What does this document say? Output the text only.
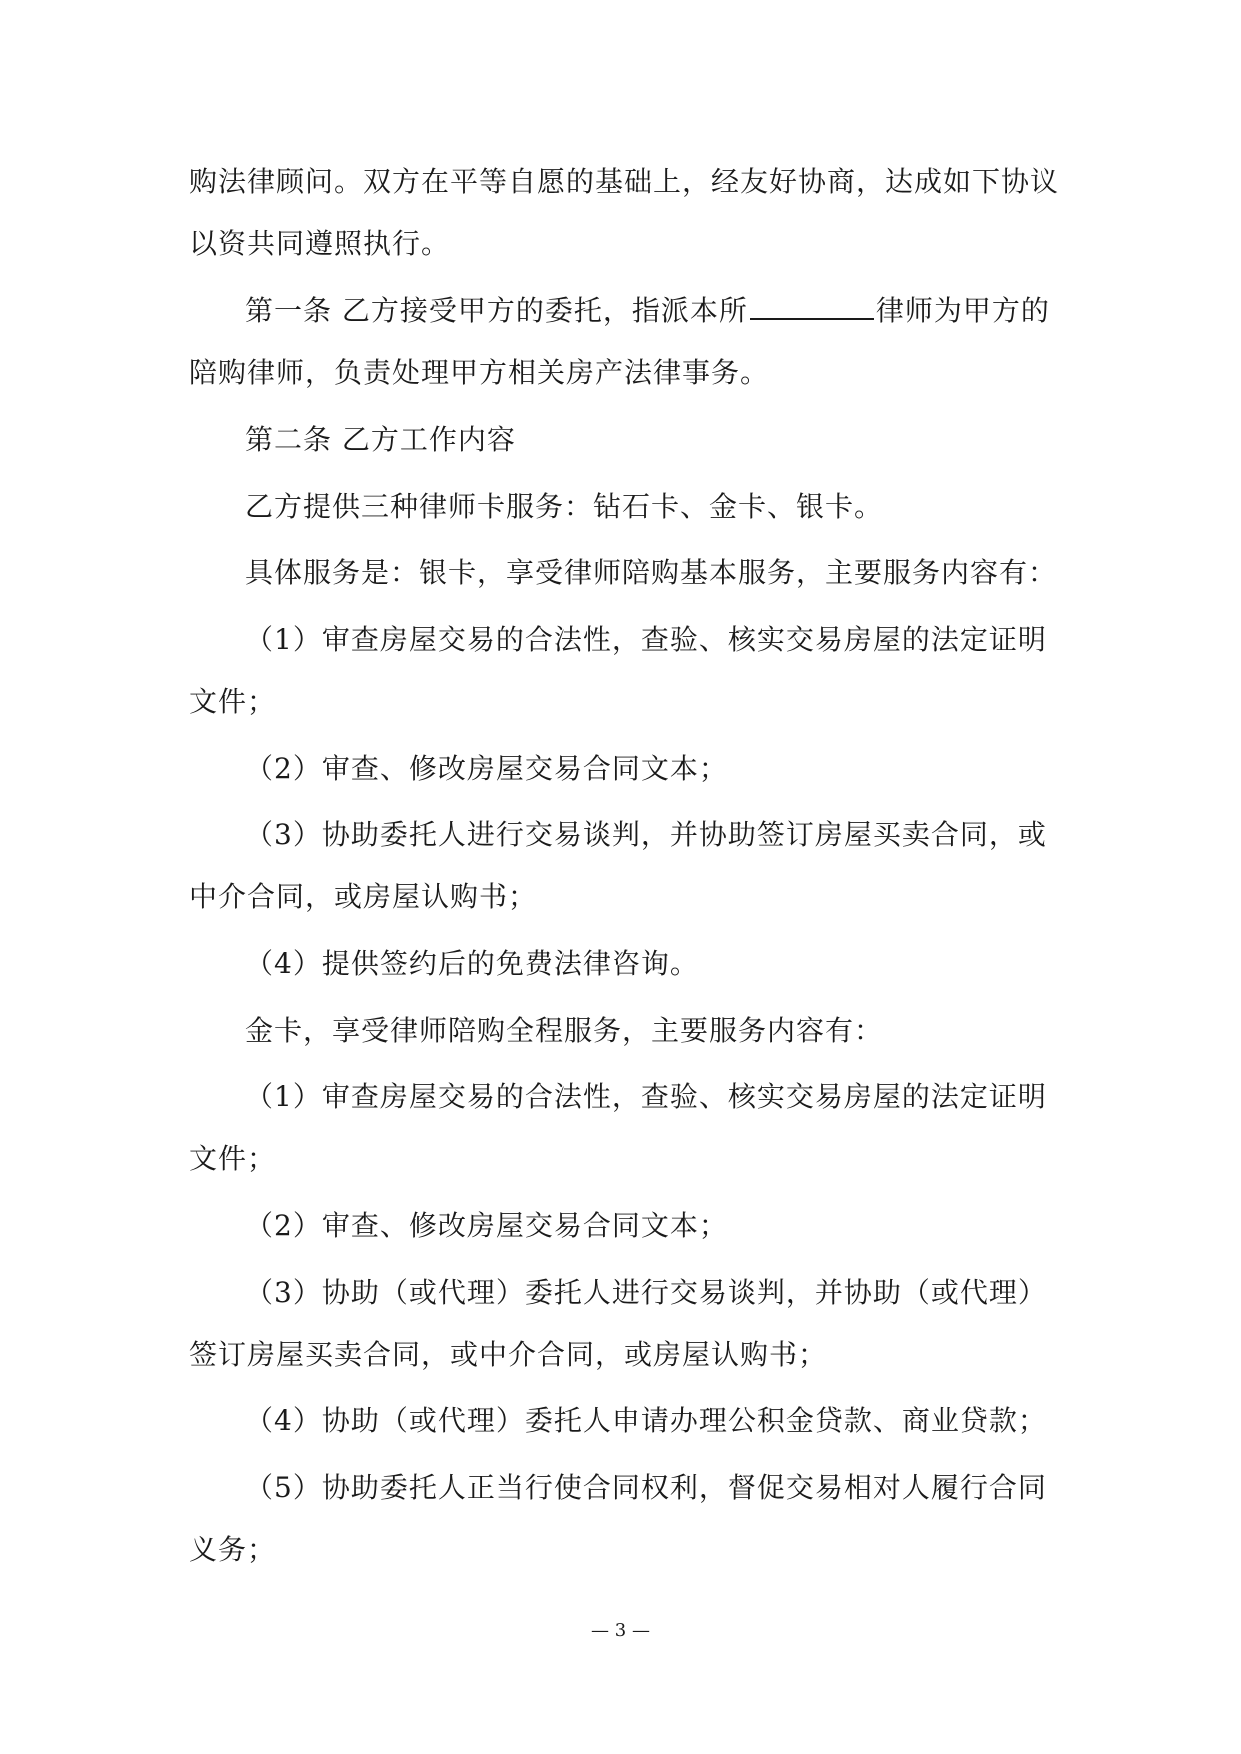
购法律顾问。双方在平等自愿的基础上，经友好协商，达成如下协议
以资共同遵照执行。
第一条 乙方接受甲方的委托，指派本所	律师为甲方的
陪购律师，负责处理甲方相关房产法律事务。
第二条 乙方工作内容
乙方提供三种律师卡服务：钻石卡、金卡、银卡。
具体服务是：银卡，享受律师陪购基本服务，主要服务内容有：
（1）审查房屋交易的合法性，查验、核实交易房屋的法定证明
文件；
（2）审查、修改房屋交易合同文本；
（3）协助委托人进行交易谈判，并协助签订房屋买卖合同，或
中介合同，或房屋认购书；
（4）提供签约后的免费法律咨询。
金卡，享受律师陪购全程服务，主要服务内容有：
（1）审查房屋交易的合法性，查验、核实交易房屋的法定证明
文件；
（2）审查、修改房屋交易合同文本；
（3）协助（或代理）委托人进行交易谈判，并协助（或代理）
签订房屋买卖合同，或中介合同，或房屋认购书；
（4）协助（或代理）委托人申请办理公积金贷款、商业贷款；
（5）协助委托人正当行使合同权利，督促交易相对人履行合同
义务；
— 3 —
